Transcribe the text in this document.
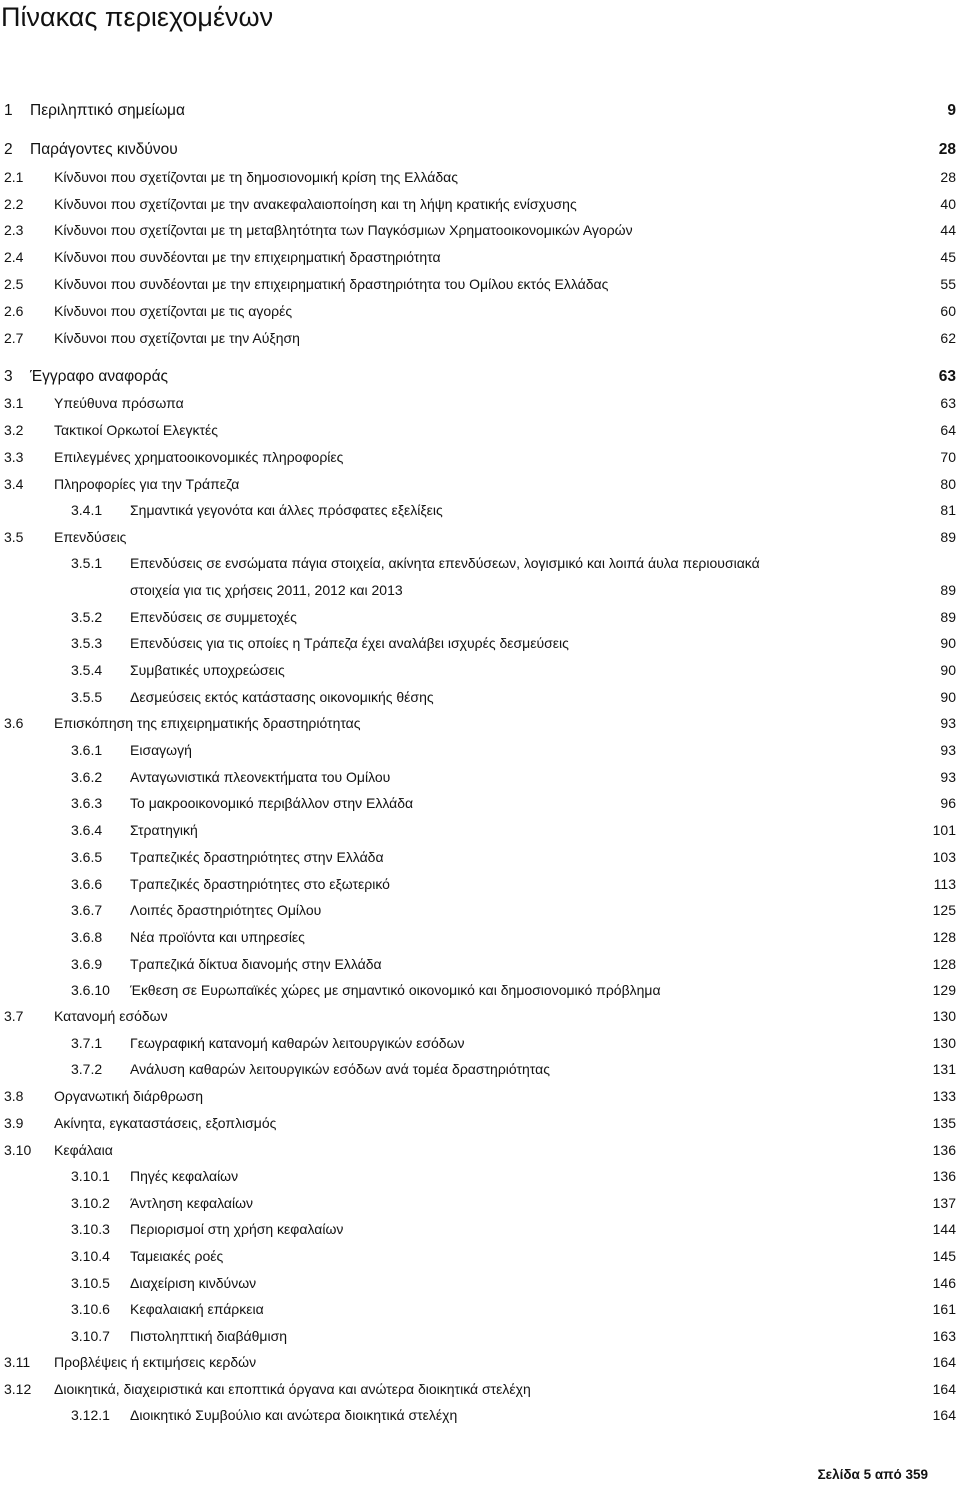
Πίνακας περιεχομένων
1 Περιληπτικό σημείωμα	9
2 Παράγοντες κινδύνου	28
2.1 Κίνδυνοι που σχετίζονται με τη δημοσιονομική κρίση της Ελλάδας	28
2.2 Κίνδυνοι που σχετίζονται με την ανακεφαλαιοποίηση και τη λήψη κρατικής ενίσχυσης	40
2.3 Κίνδυνοι που σχετίζονται με τη μεταβλητότητα των Παγκόσμιων Χρηματοοικονομικών Αγορών	44
2.4 Κίνδυνοι που συνδέονται με την επιχειρηματική δραστηριότητα	45
2.5 Κίνδυνοι που συνδέονται με την επιχειρηματική δραστηριότητα του Ομίλου εκτός Ελλάδας	55
2.6 Κίνδυνοι που σχετίζονται με τις αγορές	60
2.7 Κίνδυνοι που σχετίζονται με την Αύξηση	62
3 Έγγραφο αναφοράς	63
3.1 Υπεύθυνα πρόσωπα	63
3.2 Τακτικοί Ορκωτοί Ελεγκτές	64
3.3 Επιλεγμένες χρηματοοικονομικές πληροφορίες	70
3.4 Πληροφορίες για την Τράπεζα	80
3.4.1 Σημαντικά γεγονότα και άλλες πρόσφατες εξελίξεις	81
3.5 Επενδύσεις	89
3.5.1 Επενδύσεις σε ενσώματα πάγια στοιχεία, ακίνητα επενδύσεων, λογισμικό και λοιπά άυλα περιουσιακά
στοιχεία για τις χρήσεις 2011, 2012 και 2013	89
3.5.2 Επενδύσεις σε συμμετοχές	89
3.5.3 Επενδύσεις για τις οποίες η Τράπεζα έχει αναλάβει ισχυρές δεσμεύσεις	90
3.5.4 Συμβατικές υποχρεώσεις	90
3.5.5 Δεσμεύσεις εκτός κατάστασης οικονομικής θέσης	90
3.6 Επισκόπηση της επιχειρηματικής δραστηριότητας	93
3.6.1 Εισαγωγή	93
3.6.2 Ανταγωνιστικά πλεονεκτήματα του Ομίλου	93
3.6.3 Το μακροοικονομικό περιβάλλον στην Ελλάδα	96
3.6.4 Στρατηγική	101
3.6.5 Τραπεζικές δραστηριότητες στην Ελλάδα	103
3.6.6 Τραπεζικές δραστηριότητες στο εξωτερικό	113
3.6.7 Λοιπές δραστηριότητες Ομίλου	125
3.6.8 Νέα προϊόντα και υπηρεσίες	128
3.6.9 Τραπεζικά δίκτυα διανομής στην Ελλάδα	128
3.6.10 Έκθεση σε Ευρωπαϊκές χώρες με σημαντικό οικονομικό και δημοσιονομικό πρόβλημα	129
3.7 Κατανομή εσόδων	130
3.7.1 Γεωγραφική κατανομή καθαρών λειτουργικών εσόδων	130
3.7.2 Ανάλυση καθαρών λειτουργικών εσόδων ανά τομέα δραστηριότητας	131
3.8 Οργανωτική διάρθρωση	133
3.9 Ακίνητα, εγκαταστάσεις, εξοπλισμός	135
3.10 Κεφάλαια	136
3.10.1 Πηγές κεφαλαίων	136
3.10.2 Άντληση κεφαλαίων	137
3.10.3 Περιορισμοί στη χρήση κεφαλαίων	144
3.10.4 Ταμειακές ροές	145
3.10.5 Διαχείριση κινδύνων	146
3.10.6 Κεφαλαιακή επάρκεια	161
3.10.7 Πιστοληπτική διαβάθμιση	163
3.11 Προβλέψεις ή εκτιμήσεις κερδών	164
3.12 Διοικητικά, διαχειριστικά και εποπτικά όργανα και ανώτερα διοικητικά στελέχη	164
3.12.1 Διοικητικό Συμβούλιο και ανώτερα διοικητικά στελέχη	164
Σελίδα 5 από 359
